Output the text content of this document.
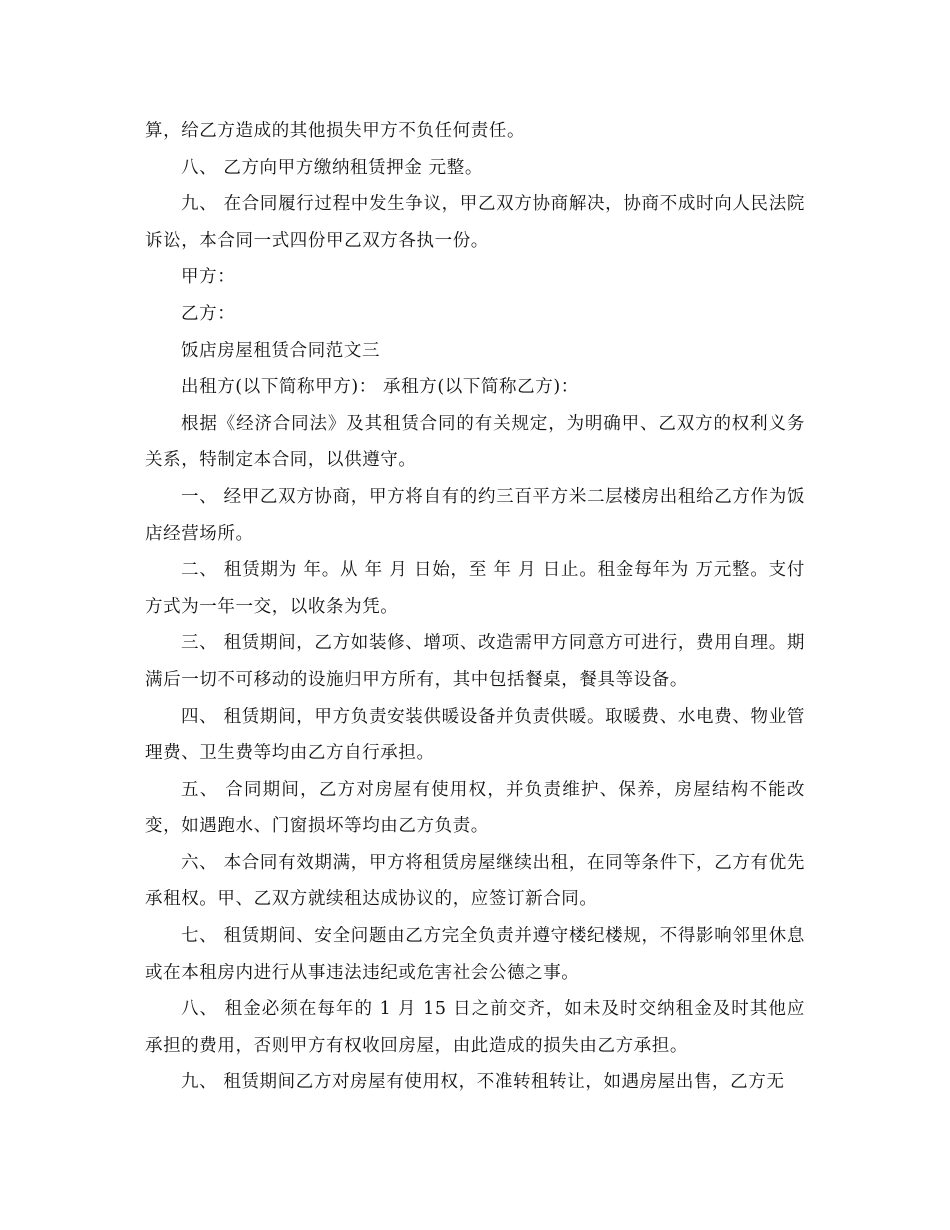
算，给乙方造成的其他损失甲方不负任何责任。

八、 乙方向甲方缴纳租赁押金 元整。

九、 在合同履行过程中发生争议，甲乙双方协商解决，协商不成时向人民法院诉讼，本合同一式四份甲乙双方各执一份。

甲方：

乙方：

饭店房屋租赁合同范文三

出租方(以下简称甲方)： 承租方(以下简称乙方)：

根据《经济合同法》及其租赁合同的有关规定，为明确甲、乙双方的权利义务关系，特制定本合同，以供遵守。

一、 经甲乙双方协商，甲方将自有的约三百平方米二层楼房出租给乙方作为饭店经营场所。

二、 租赁期为 年。从 年 月 日始，至 年 月 日止。租金每年为 万元整。支付方式为一年一交，以收条为凭。

三、 租赁期间，乙方如装修、增项、改造需甲方同意方可进行，费用自理。期满后一切不可移动的设施归甲方所有，其中包括餐桌，餐具等设备。

四、 租赁期间，甲方负责安装供暖设备并负责供暖。取暖费、水电费、物业管理费、卫生费等均由乙方自行承担。

五、 合同期间，乙方对房屋有使用权，并负责维护、保养，房屋结构不能改变，如遇跑水、门窗损坏等均由乙方负责。

六、 本合同有效期满，甲方将租赁房屋继续出租，在同等条件下，乙方有优先承租权。甲、乙双方就续租达成协议的，应签订新合同。

七、 租赁期间、安全问题由乙方完全负责并遵守楼纪楼规，不得影响邻里休息或在本租房内进行从事违法违纪或危害社会公德之事。

八、 租金必须在每年的 1 月 15 日之前交齐，如未及时交纳租金及时其他应承担的费用，否则甲方有权收回房屋，由此造成的损失由乙方承担。

九、 租赁期间乙方对房屋有使用权，不准转租转让，如遇房屋出售，乙方无
